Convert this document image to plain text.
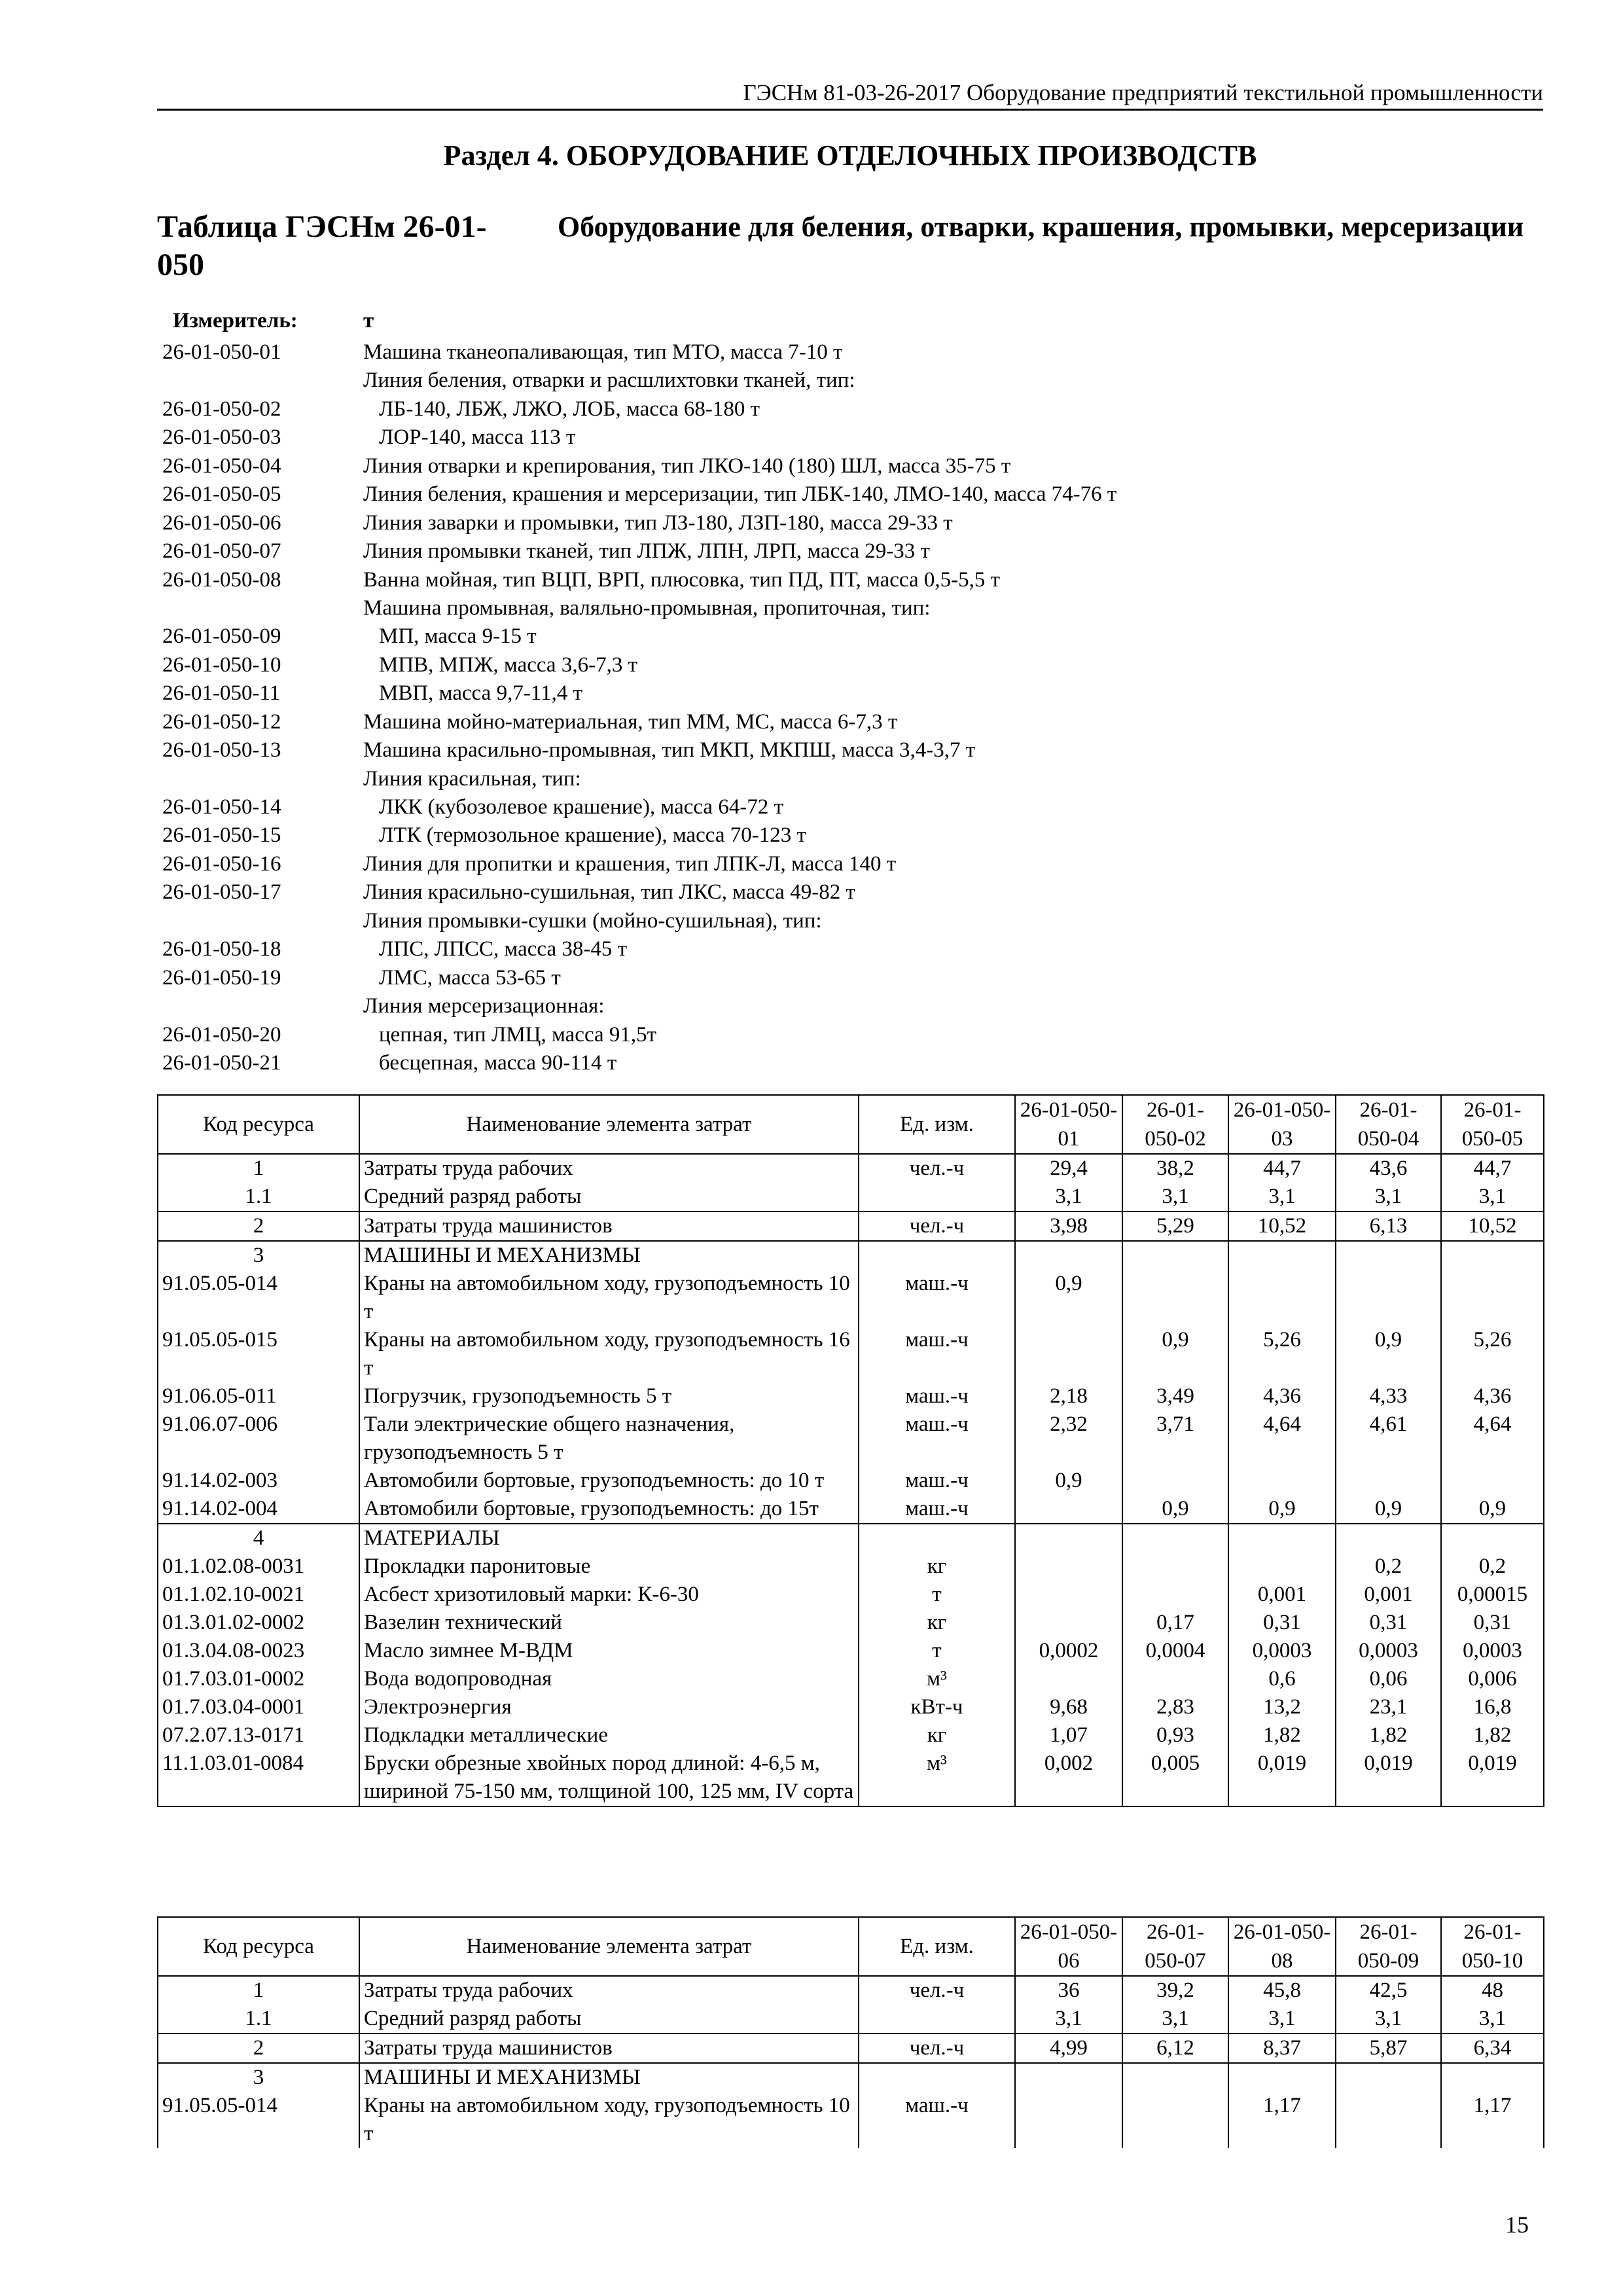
ГЭСНм 81-03-26-2017 Оборудование предприятий текстильной промышленности
Раздел 4. ОБОРУДОВАНИЕ ОТДЕЛОЧНЫХ ПРОИЗВОДСТВ
Таблица ГЭСНм 26-01-050
Оборудование для беления, отварки, крашения, промывки, мерсеризации
Измеритель:	т
26-01-050-01	Машина тканеопаливающая, тип МТО, масса 7-10 т
Линия беления, отварки и расшлихтовки тканей, тип:
26-01-050-02	ЛБ-140, ЛБЖ, ЛЖО, ЛОБ, масса 68-180 т
26-01-050-03	ЛОР-140, масса 113 т
26-01-050-04	Линия отварки и крепирования, тип ЛКО-140 (180) ШЛ, масса 35-75 т
26-01-050-05	Линия беления, крашения и мерсеризации, тип ЛБК-140, ЛМО-140, масса 74-76 т
26-01-050-06	Линия заварки и промывки, тип ЛЗ-180, ЛЗП-180, масса 29-33 т
26-01-050-07	Линия промывки тканей, тип ЛПЖ, ЛПН, ЛРП, масса 29-33 т
26-01-050-08	Ванна мойная, тип ВЦП, ВРП, плюсовка, тип ПД, ПТ, масса 0,5-5,5 т
Машина промывная, валяльно-промывная, пропиточная, тип:
26-01-050-09	МП, масса 9-15 т
26-01-050-10	МПВ, МПЖ, масса 3,6-7,3 т
26-01-050-11	МВП, масса 9,7-11,4 т
26-01-050-12	Машина мойно-материальная, тип ММ, МС, масса 6-7,3 т
26-01-050-13	Машина красильно-промывная, тип МКП, МКПШ, масса 3,4-3,7 т
Линия красильная, тип:
26-01-050-14	ЛКК (кубозолевое крашение), масса 64-72 т
26-01-050-15	ЛТК (термозольное крашение), масса 70-123 т
26-01-050-16	Линия для пропитки и крашения, тип ЛПК-Л, масса 140 т
26-01-050-17	Линия красильно-сушильная, тип ЛКС, масса 49-82 т
Линия промывки-сушки (мойно-сушильная), тип:
26-01-050-18	ЛПС, ЛПСС, масса 38-45 т
26-01-050-19	ЛМС, масса 53-65 т
Линия мерсеризационная:
26-01-050-20	цепная, тип ЛМЦ, масса 91,5т
26-01-050-21	бесцепная, масса 90-114 т
Код ресурса	Наименование элемента затрат	Ед. изм.	26-01-050-01	26-01-050-02	26-01-050-03	26-01-050-04	26-01-050-05
1	Затраты труда рабочих	чел.-ч	29,4	38,2	44,7	43,6	44,7
1.1	Средний разряд работы		3,1	3,1	3,1	3,1	3,1
2	Затраты труда машинистов	чел.-ч	3,98	5,29	10,52	6,13	10,52
3	МАШИНЫ И МЕХАНИЗМЫ						
91.05.05-014	Краны на автомобильном ходу, грузоподъемность 10 т	маш.-ч	0,9				
91.05.05-015	Краны на автомобильном ходу, грузоподъемность 16 т	маш.-ч		0,9	5,26	0,9	5,26
91.06.05-011	Погрузчик, грузоподъемность 5 т	маш.-ч	2,18	3,49	4,36	4,33	4,36
91.06.07-006	Тали электрические общего назначения, грузоподъемность 5 т	маш.-ч	2,32	3,71	4,64	4,61	4,64
91.14.02-003	Автомобили бортовые, грузоподъемность: до 10 т	маш.-ч	0,9				
91.14.02-004	Автомобили бортовые, грузоподъемность: до 15т	маш.-ч		0,9	0,9	0,9	0,9
4	МАТЕРИАЛЫ						
01.1.02.08-0031	Прокладки паронитовые	кг				0,2	0,2
01.1.02.10-0021	Асбест хризотиловый марки: К-6-30	т			0,001	0,001	0,00015
01.3.01.02-0002	Вазелин технический	кг		0,17	0,31	0,31	0,31
01.3.04.08-0023	Масло зимнее М-ВДМ	т	0,0002	0,0004	0,0003	0,0003	0,0003
01.7.03.01-0002	Вода водопроводная	м³			0,6	0,06	0,006
01.7.03.04-0001	Электроэнергия	кВт-ч	9,68	2,83	13,2	23,1	16,8
07.2.07.13-0171	Подкладки металлические	кг	1,07	0,93	1,82	1,82	1,82
11.1.03.01-0084	Бруски обрезные хвойных пород длиной: 4-6,5 м, шириной 75-150 мм, толщиной 100, 125 мм, IV сорта	м³	0,002	0,005	0,019	0,019	0,019
Код ресурса	Наименование элемента затрат	Ед. изм.	26-01-050-06	26-01-050-07	26-01-050-08	26-01-050-09	26-01-050-10
1	Затраты труда рабочих	чел.-ч	36	39,2	45,8	42,5	48
1.1	Средний разряд работы		3,1	3,1	3,1	3,1	3,1
2	Затраты труда машинистов	чел.-ч	4,99	6,12	8,37	5,87	6,34
3	МАШИНЫ И МЕХАНИЗМЫ						
91.05.05-014	Краны на автомобильном ходу, грузоподъемность 10 т	маш.-ч			1,17		1,17
15
